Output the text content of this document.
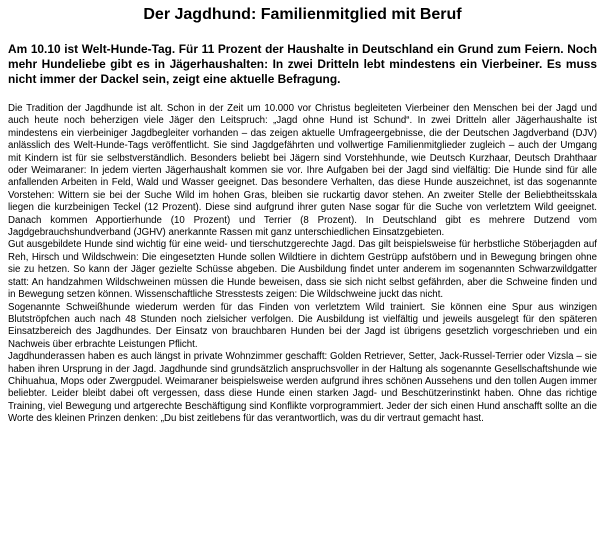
Der Jagdhund: Familienmitglied mit Beruf
Am 10.10 ist Welt-Hunde-Tag. Für 11 Prozent der Haushalte in Deutschland ein Grund zum Feiern. Noch mehr Hundeliebe gibt es in Jägerhaushalten: In zwei Dritteln lebt mindestens ein Vierbeiner. Es muss nicht immer der Dackel sein, zeigt eine aktuelle Befragung.

Die Tradition der Jagdhunde ist alt. Schon in der Zeit um 10.000 vor Christus begleiteten Vierbeiner den Menschen bei der Jagd und auch heute noch beherzigen viele Jäger den Leitspruch: „Jagd ohne Hund ist Schund“. In zwei Dritteln aller Jägerhaushalte ist mindestens ein vierbeiniger Jagdbegleiter vorhanden – das zeigen aktuelle Umfrageergebnisse, die der Deutschen Jagdverband (DJV) anlässlich des Welt-Hunde-Tags veröffentlicht. Sie sind Jagdgefährten und vollwertige Familienmitglieder zugleich – auch der Umgang mit Kindern ist für sie selbstverständlich. Besonders beliebt bei Jägern sind Vorstehhunde, wie Deutsch Kurzhaar, Deutsch Drahthaar oder Weimaraner: In jedem vierten Jägerhaushalt kommen sie vor. Ihre Aufgaben bei der Jagd sind vielfältig: Die Hunde sind für alle anfallenden Arbeiten in Feld, Wald und Wasser geeignet. Das besondere Verhalten, das diese Hunde auszeichnet, ist das sogenannte Vorstehen: Wittern sie bei der Suche Wild im hohen Gras, bleiben sie ruckartig davor stehen. An zweiter Stelle der Beliebtheitsskala liegen die kurzbeinigen Teckel (12 Prozent). Diese sind aufgrund ihrer guten Nase sogar für die Suche von verletztem Wild geeignet. Danach kommen Apportierhunde (10 Prozent) und Terrier (8 Prozent). In Deutschland gibt es mehrere Dutzend vom Jagdgebrauchshundverband (JGHV) anerkannte Rassen mit ganz unterschiedlichen Einsatzgebieten.

Gut ausgebildete Hunde sind wichtig für eine weid- und tierschutzgerechte Jagd. Das gilt beispielsweise für herbstliche Stöberjagden auf Reh, Hirsch und Wildschwein: Die eingesetzten Hunde sollen Wildtiere in dichtem Gestrüpp aufstöbern und in Bewegung bringen ohne sie zu hetzen. So kann der Jäger gezielte Schüsse abgeben. Die Ausbildung findet unter anderem im sogenannten Schwarzwildgatter statt: An handzahmen Wildschweinen müssen die Hunde beweisen, dass sie sich nicht selbst gefährden, aber die Schweine finden und in Bewegung setzen können. Wissenschaftliche Stresstests zeigen: Die Wildschweine juckt das nicht.

Sogenannte Schweißhunde wiederum werden für das Finden von verletztem Wild trainiert. Sie können eine Spur aus winzigen Blutströpfchen auch nach 48 Stunden noch zielsicher verfolgen. Die Ausbildung ist vielfältig und jeweils ausgelegt für den späteren Einsatzbereich des Jagdhundes. Der Einsatz von brauchbaren Hunden bei der Jagd ist übrigens gesetzlich vorgeschrieben und ein Nachweis über erbrachte Leistungen Pflicht.

Jagdhunderassen haben es auch längst in private Wohnzimmer geschafft: Golden Retriever, Setter, Jack-Russel-Terrier oder Vizsla – sie haben ihren Ursprung in der Jagd. Jagdhunde sind grundsätzlich anspruchsvoller in der Haltung als sogenannte Gesellschaftshunde wie Chihuahua, Mops oder Zwergpudel. Weimaraner beispielsweise werden aufgrund ihres schönen Aussehens und den tollen Augen immer beliebter. Leider bleibt dabei oft vergessen, dass diese Hunde einen starken Jagd- und Beschützerinstinkt haben. Ohne das richtige Training, viel Bewegung und artgerechte Beschäftigung sind Konflikte vorprogrammiert. Jeder der sich einen Hund anschafft sollte an die Worte des kleinen Prinzen denken: „Du bist zeitlebens für das verantwortlich, was du dir vertraut gemacht hast.
